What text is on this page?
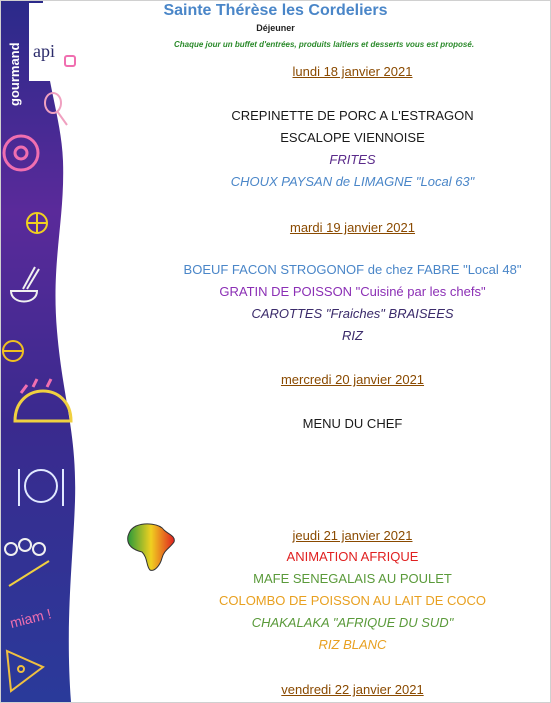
api
gourmand
miam !
Sainte Thérèse les Cordeliers
Déjeuner
Chaque jour un buffet d'entrées, produits laitiers et desserts vous est proposé.
lundi 18 janvier 2021
CREPINETTE DE PORC A L'ESTRAGON
ESCALOPE VIENNOISE
FRITES
CHOUX PAYSAN de LIMAGNE "Local 63"
mardi 19 janvier 2021
BOEUF FACON STROGONOF de chez FABRE "Local 48"
GRATIN DE POISSON "Cuisiné par les chefs"
CAROTTES "Fraiches" BRAISEES
RIZ
mercredi 20 janvier 2021
MENU DU CHEF
jeudi 21 janvier 2021
ANIMATION AFRIQUE
MAFE SENEGALAIS AU POULET
COLOMBO DE POISSON AU LAIT DE COCO
CHAKALAKA "AFRIQUE DU SUD"
RIZ BLANC
vendredi 22 janvier 2021
